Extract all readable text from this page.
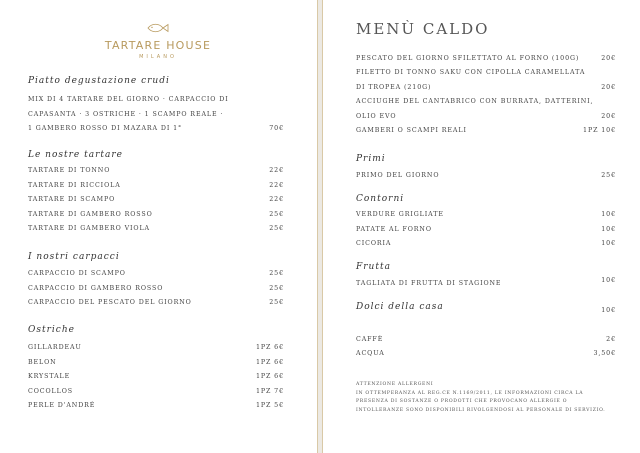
TARTARE HOUSE
MILANO
Piatto degustazione crudi
MIX DI 4 TARTARE DEL GIORNO · CARPACCIO DI
CAPASANTA · 3 OSTRICHE · 1 SCAMPO REALE ·
1 GAMBERO ROSSO DI MAZARA DI 1°	70€
Le nostre tartare
TARTARE DI TONNO	22€
TARTARE DI RICCIOLA	22€
TARTARE DI SCAMPO	22€
TARTARE DI GAMBERO ROSSO	25€
TARTARE DI GAMBERO VIOLA	25€
I nostri carpacci
CARPACCIO DI SCAMPO	25€
CARPACCIO DI GAMBERO ROSSO	25€
CARPACCIO DEL PESCATO DEL GIORNO	25€
Ostriche
GILLARDEAU	1PZ 6€
BELON	1PZ 6€
KRYSTALE	1PZ 6€
COCOLLOS	1PZ 7€
PERLE D'ANDRÉ	1PZ 5€
MENÙ CALDO
PESCATO DEL GIORNO SFILETTATO AL FORNO (100G)	20€
FILETTO DI TONNO SAKU CON CIPOLLA CARAMELLATA
DI TROPEA (210G)	20€
ACCIUGHE DEL CANTABRICO CON BURRATA, DATTERINI,
OLIO EVO	20€
GAMBERI O SCAMPI REALI	1PZ 10€
Primi
PRIMO DEL GIORNO	25€
Contorni
VERDURE GRIGLIATE	10€
PATATE AL FORNO	10€
CICORIA	10€
Frutta
TAGLIATA DI FRUTTA DI STAGIONE	10€
Dolci della casa	10€
CAFFÈ	2€
ACQUA	3,50€
ATTENZIONE ALLERGENI
IN OTTEMPERANZA AL REG.CE N.1169/2011, LE INFORMAZIONI CIRCA LA
PRESENZA DI SOSTANZE O PRODOTTI CHE PROVOCANO ALLERGIE O
INTOLLERANZE SONO DISPONIBILI RIVOLGENDOSI AL PERSONALE DI SERVIZIO.
